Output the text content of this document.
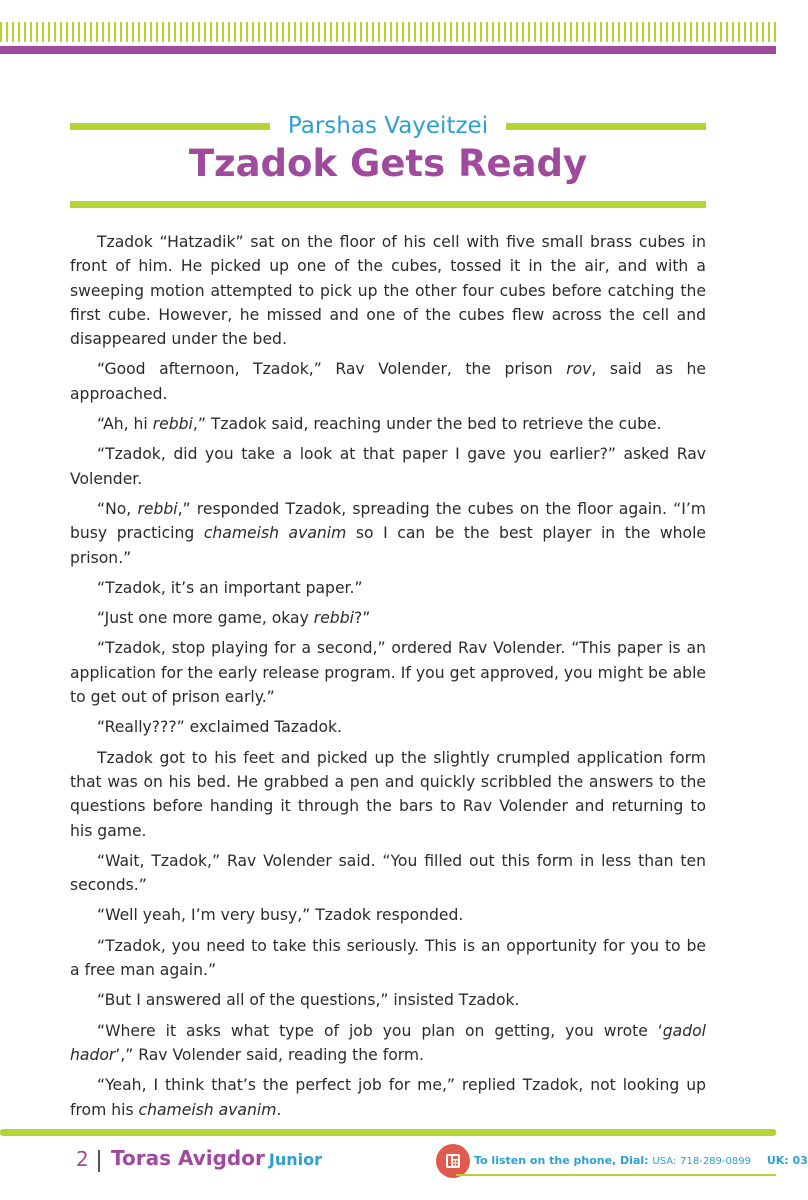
Parshas Vayeitzei
Tzadok Gets Ready

Tzadok “Hatzadik” sat on the floor of his cell with five small brass cubes in front of him. He picked up one of the cubes, tossed it in the air, and with a sweeping motion attempted to pick up the other four cubes before catching the first cube. However, he missed and one of the cubes flew across the cell and disappeared under the bed.

“Good afternoon, Tzadok,” Rav Volender, the prison rov, said as he approached.

“Ah, hi rebbi,” Tzadok said, reaching under the bed to retrieve the cube.

“Tzadok, did you take a look at that paper I gave you earlier?” asked Rav Volender.

“No, rebbi,” responded Tzadok, spreading the cubes on the floor again. “I’m busy practicing chameish avanim so I can be the best player in the whole prison.”

“Tzadok, it’s an important paper.”

“Just one more game, okay rebbi?”

“Tzadok, stop playing for a second,” ordered Rav Volender. “This paper is an application for the early release program. If you get approved, you might be able to get out of prison early.”

“Really???” exclaimed Tazadok.

Tzadok got to his feet and picked up the slightly crumpled application form that was on his bed. He grabbed a pen and quickly scribbled the answers to the questions before handing it through the bars to Rav Volender and returning to his game.

“Wait, Tzadok,” Rav Volender said. “You filled out this form in less than ten seconds.”

“Well yeah, I’m very busy,” Tzadok responded.

“Tzadok, you need to take this seriously. This is an opportunity for you to be a free man again.”

“But I answered all of the questions,” insisted Tzadok.

“Where it asks what type of job you plan on getting, you wrote ‘gadol hador’,” Rav Volender said, reading the form.

“Yeah, I think that’s the perfect job for me,” replied Tzadok, not looking up from his chameish avanim.

2 Toras Avigdor Junior	To listen on the phone, Dial: USA: 718-289-0899 UK: 03
